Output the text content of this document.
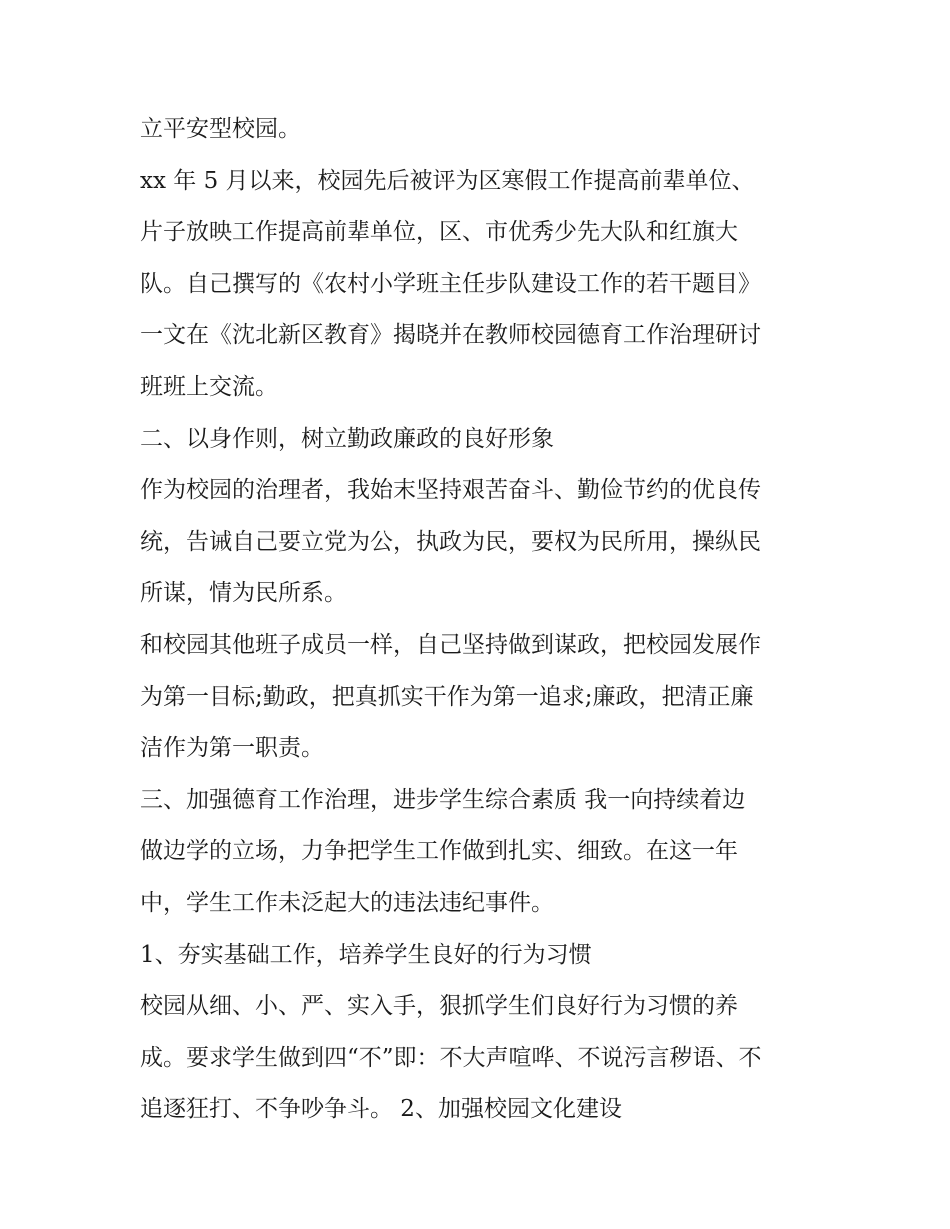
立平安型校园。
xx 年 5 月以来，校园先后被评为区寒假工作提高前辈单位、
片子放映工作提高前辈单位，区、市优秀少先大队和红旗大
队。自己撰写的《农村小学班主任步队建设工作的若干题目》
一文在《沈北新区教育》揭晓并在教师校园德育工作治理研讨
班班上交流。
二、以身作则，树立勤政廉政的良好形象
作为校园的治理者，我始末坚持艰苦奋斗、勤俭节约的优良传
统，告诫自己要立党为公，执政为民，要权为民所用，操纵民
所谋，情为民所系。
和校园其他班子成员一样，自己坚持做到谋政，把校园发展作
为第一目标;勤政，把真抓实干作为第一追求;廉政，把清正廉
洁作为第一职责。
三、加强德育工作治理，进步学生综合素质 我一向持续着边
做边学的立场，力争把学生工作做到扎实、细致。在这一年
中，学生工作未泛起大的违法违纪事件。
1、夯实基础工作，培养学生良好的行为习惯
校园从细、小、严、实入手，狠抓学生们良好行为习惯的养
成。要求学生做到四“不”即：不大声喧哗、不说污言秽语、不
追逐狂打、不争吵争斗。 2、加强校园文化建设
